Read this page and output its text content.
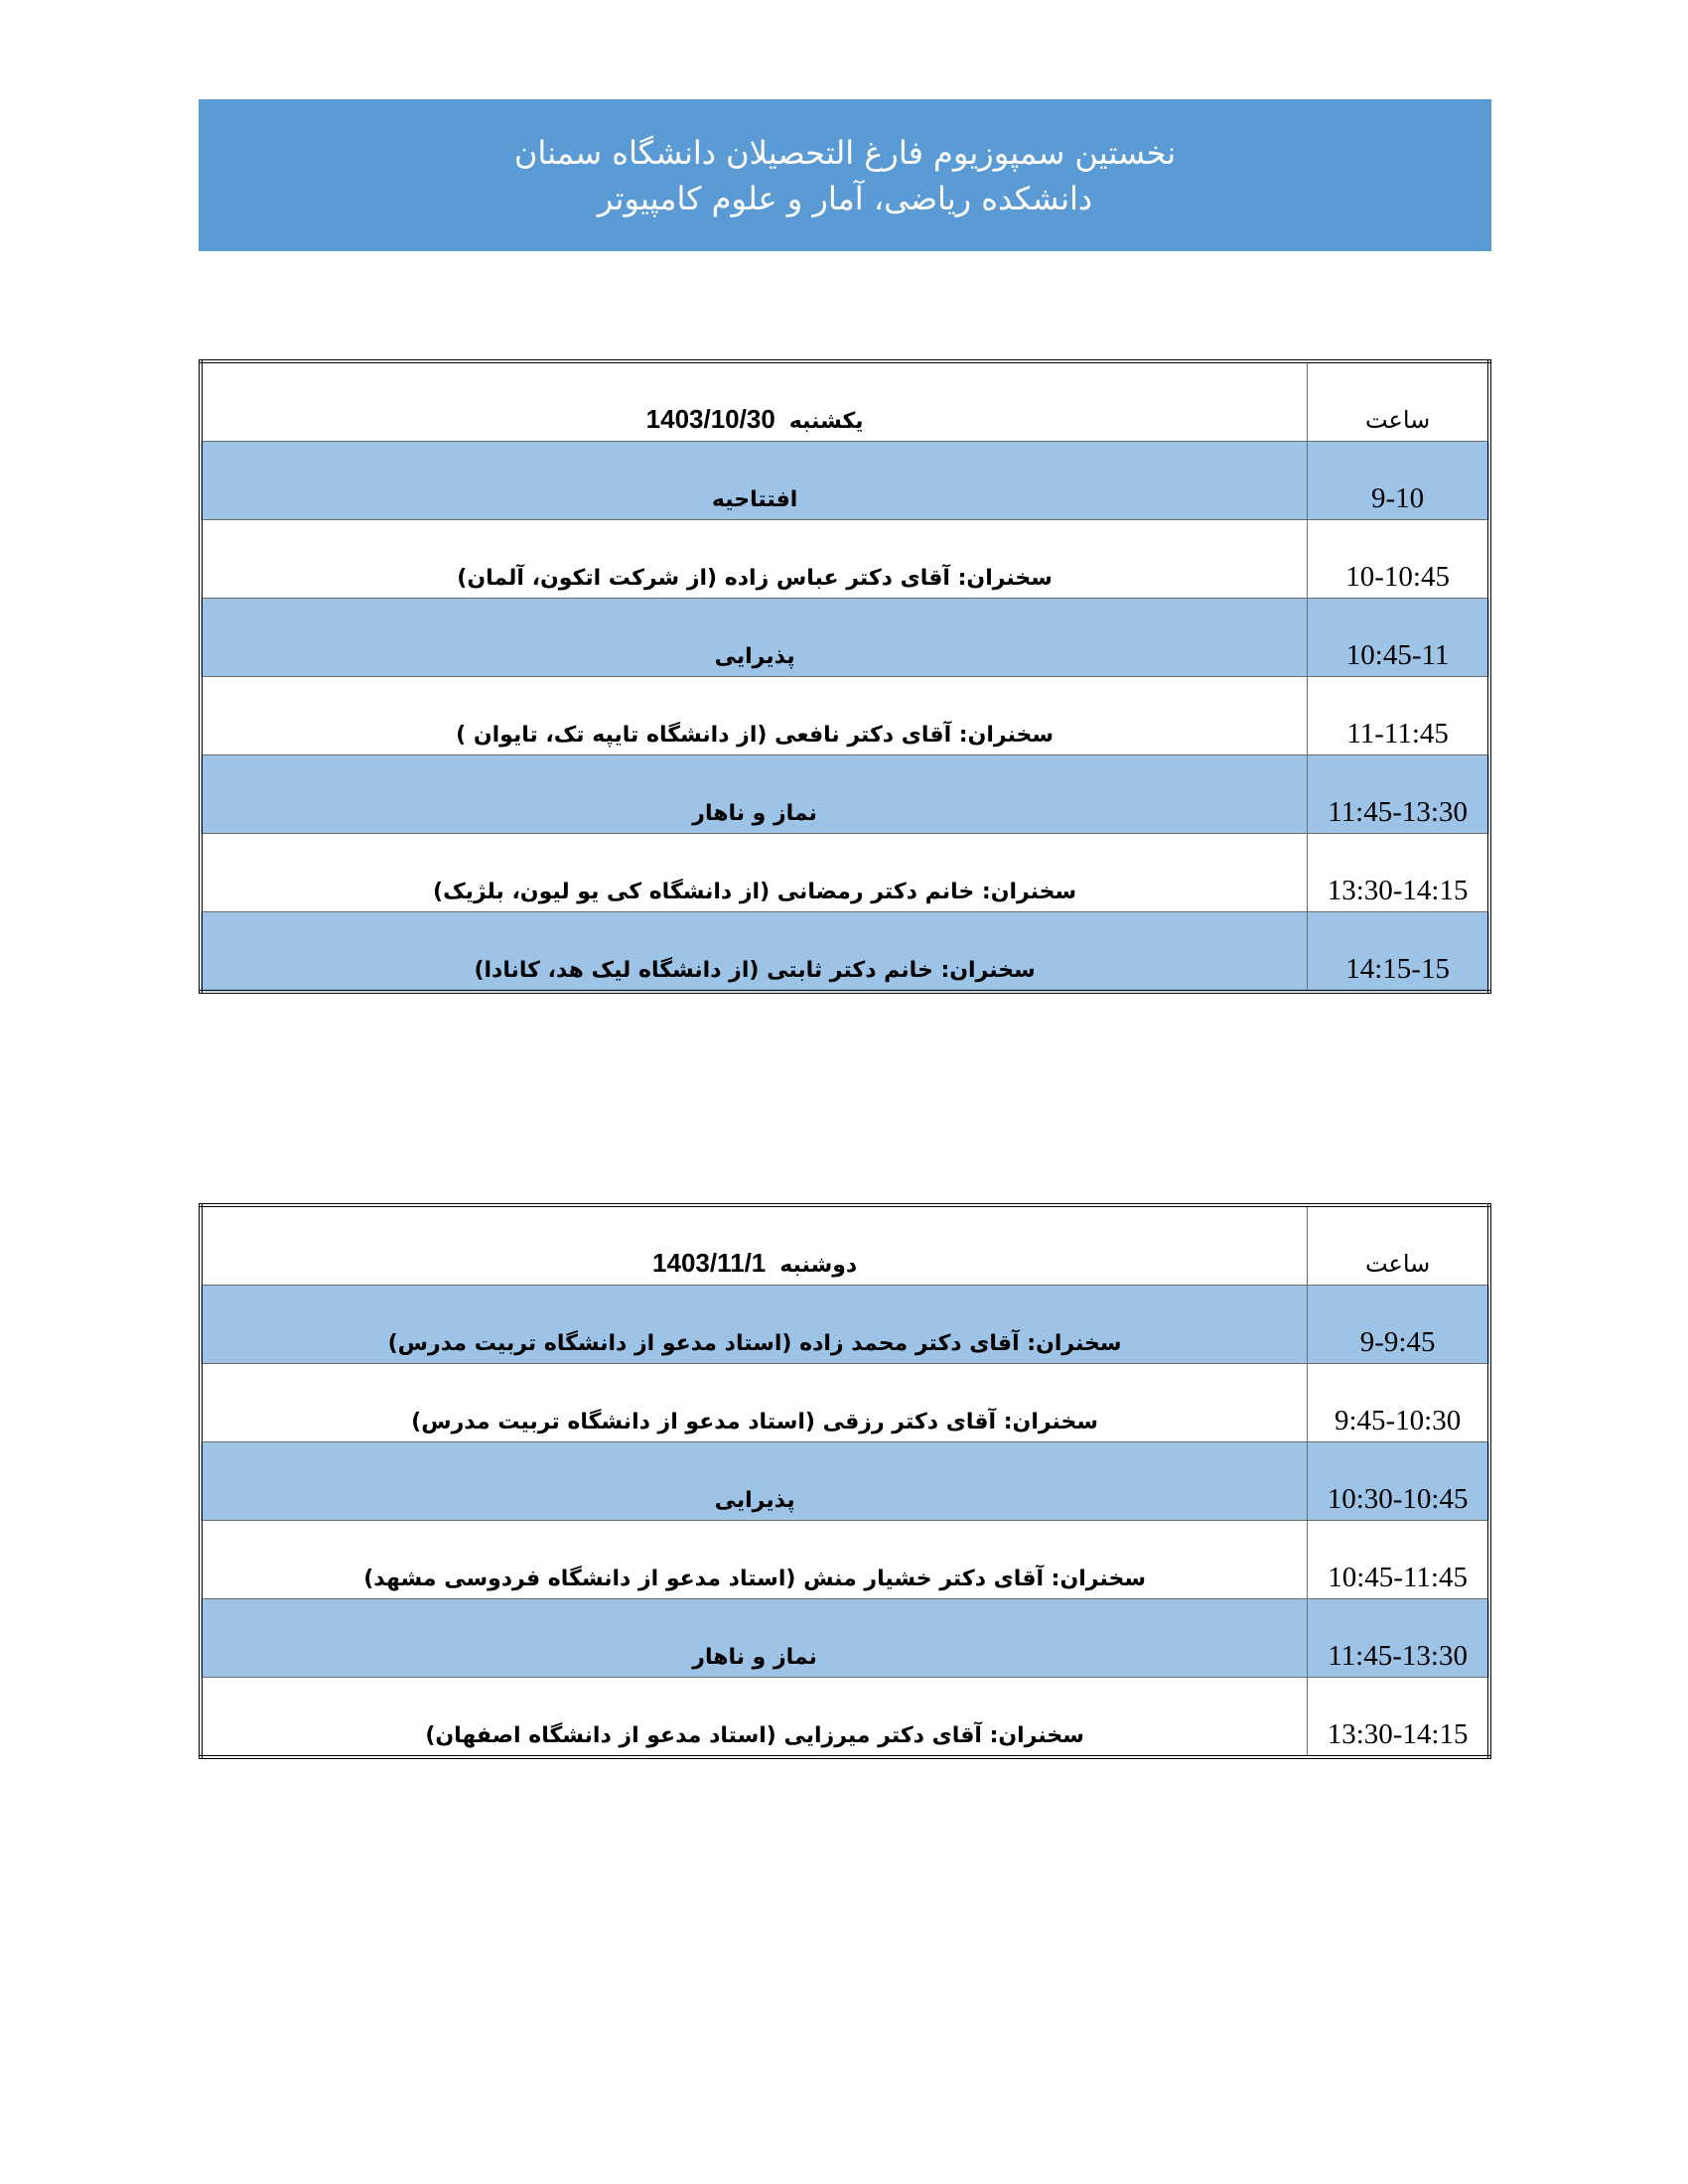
نخستین سمپوزیوم فارغ التحصیلان دانشگاه سمنان
دانشکده ریاضی، آمار و علوم کامپیوتر
یکشنبه1403/10/30	ساعت

افتتاحیه	9-10

سخنران: آقای دکتر عباس زاده (از شرکت اتکون، آلمان)	10-10:45

پذیرایی	10:45-11

سخنران: آقای دکتر نافعی (از دانشگاه تایپه تک، تایوان )	11-11:45

نماز و ناهار	11:45-13:30

سخنران: خانم دکتر رمضانی (از دانشگاه کی یو لیون، بلژیک)	13:30-14:15

سخنران: خانم دکتر ثابتی (از دانشگاه لیک هد، کانادا)	14:15-15
دوشنبه1403/11/1	ساعت

سخنران: آقای دکتر محمد زاده (استاد مدعو از دانشگاه تربیت مدرس)	9-9:45

سخنران: آقای دکتر رزقی (استاد مدعو از دانشگاه تربیت مدرس)	9:45-10:30

پذیرایی	10:30-10:45

سخنران: آقای دکتر خشیار منش (استاد مدعو از دانشگاه فردوسی مشهد)	10:45-11:45

نماز و ناهار	11:45-13:30

سخنران: آقای دکتر میرزایی (استاد مدعو از دانشگاه اصفهان)	13:30-14:15
